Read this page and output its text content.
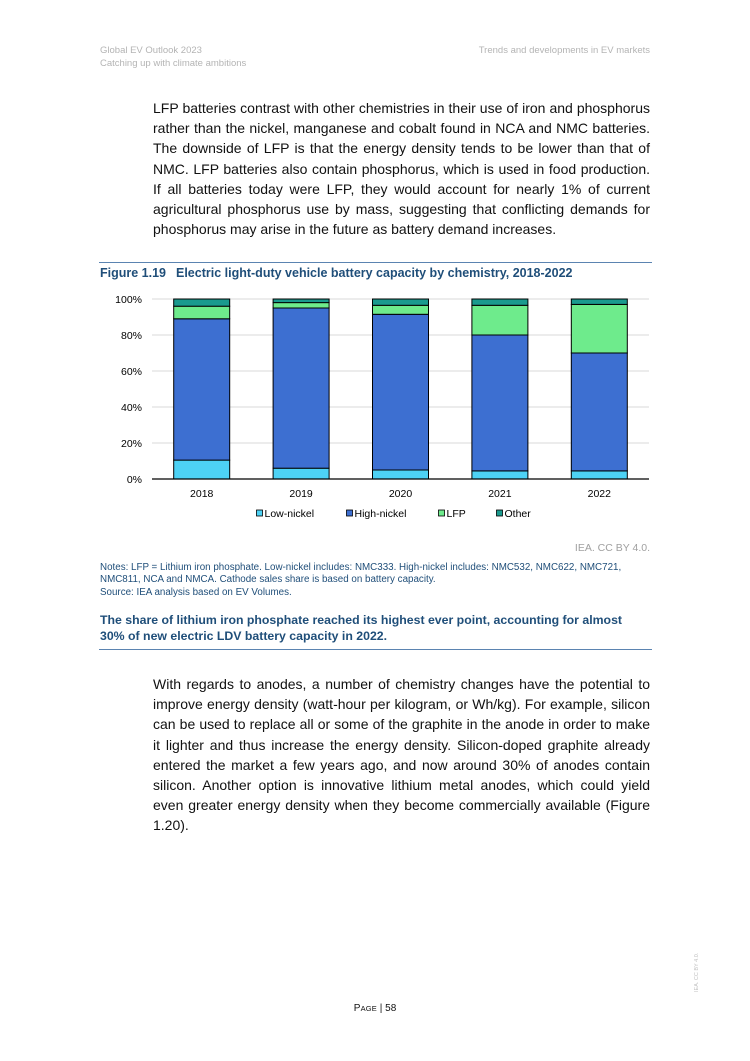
Global EV Outlook 2023
Catching up with climate ambitions
Trends and developments in EV markets

LFP batteries contrast with other chemistries in their use of iron and phosphorus rather than the nickel, manganese and cobalt found in NCA and NMC batteries. The downside of LFP is that the energy density tends to be lower than that of NMC. LFP batteries also contain phosphorus, which is used in food production. If all batteries today were LFP, they would account for nearly 1% of current agricultural phosphorus use by mass, suggesting that conflicting demands for phosphorus may arise in the future as battery demand increases.

Figure 1.19 Electric light-duty vehicle battery capacity by chemistry, 2018-2022
0%
20%
40%
60%
80%
100%
2018	2019	2020	2021	2022
Low-nickel	High-nickel	LFP	Other
IEA. CC BY 4.0.
Notes: LFP = Lithium iron phosphate. Low-nickel includes: NMC333. High-nickel includes: NMC532, NMC622, NMC721, NMC811, NCA and NMCA. Cathode sales share is based on battery capacity.
Source: IEA analysis based on EV Volumes.
The share of lithium iron phosphate reached its highest ever point, accounting for almost 30% of new electric LDV battery capacity in 2022.

With regards to anodes, a number of chemistry changes have the potential to improve energy density (watt-hour per kilogram, or Wh/kg). For example, silicon can be used to replace all or some of the graphite in the anode in order to make it lighter and thus increase the energy density. Silicon-doped graphite already entered the market a few years ago, and now around 30% of anodes contain silicon. Another option is innovative lithium metal anodes, which could yield even greater energy density when they become commercially available (Figure 1.20).

PAGE | 58
IEA. CC BY 4.0.
